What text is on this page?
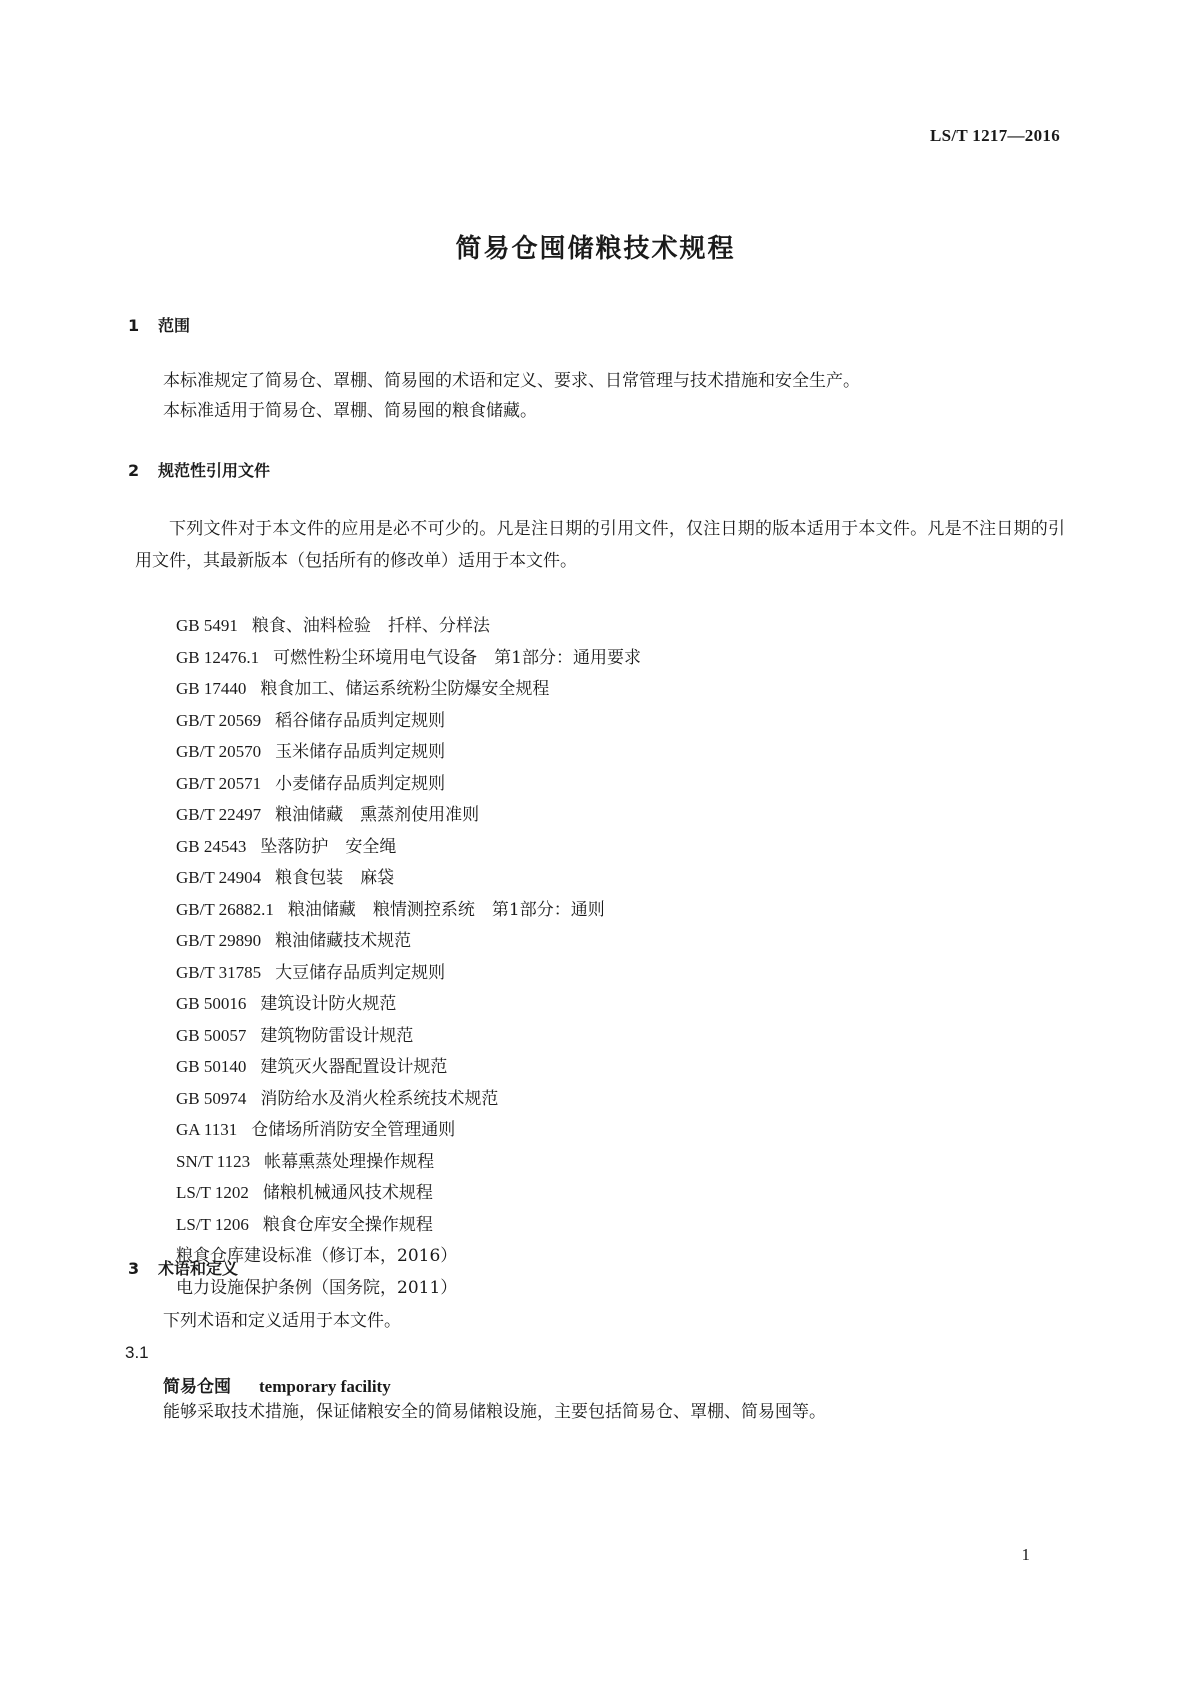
LS/T 1217—2016
简易仓囤储粮技术规程
1 范围
本标准规定了简易仓、罩棚、简易囤的术语和定义、要求、日常管理与技术措施和安全生产。
本标准适用于简易仓、罩棚、简易囤的粮食储藏。
2 规范性引用文件
下列文件对于本文件的应用是必不可少的。凡是注日期的引用文件，仅注日期的版本适用于本文件。凡是不注日期的引用文件，其最新版本（包括所有的修改单）适用于本文件。
GB 5491 粮食、油料检验　扦样、分样法
GB 12476.1 可燃性粉尘环境用电气设备　第1部分：通用要求
GB 17440 粮食加工、储运系统粉尘防爆安全规程
GB/T 20569 稻谷储存品质判定规则
GB/T 20570 玉米储存品质判定规则
GB/T 20571 小麦储存品质判定规则
GB/T 22497 粮油储藏　熏蒸剂使用准则
GB 24543 坠落防护　安全绳
GB/T 24904 粮食包装　麻袋
GB/T 26882.1 粮油储藏　粮情测控系统　第1部分：通则
GB/T 29890 粮油储藏技术规范
GB/T 31785 大豆储存品质判定规则
GB 50016 建筑设计防火规范
GB 50057 建筑物防雷设计规范
GB 50140 建筑灭火器配置设计规范
GB 50974 消防给水及消火栓系统技术规范
GA 1131 仓储场所消防安全管理通则
SN/T 1123 帐幕熏蒸处理操作规程
LS/T 1202 储粮机械通风技术规程
LS/T 1206 粮食仓库安全操作规程
粮食仓库建设标准（修订本，2016）
电力设施保护条例（国务院，2011）
3 术语和定义
下列术语和定义适用于本文件。
3.1
简易仓囤 temporary facility
能够采取技术措施，保证储粮安全的简易储粮设施，主要包括简易仓、罩棚、简易囤等。
1
